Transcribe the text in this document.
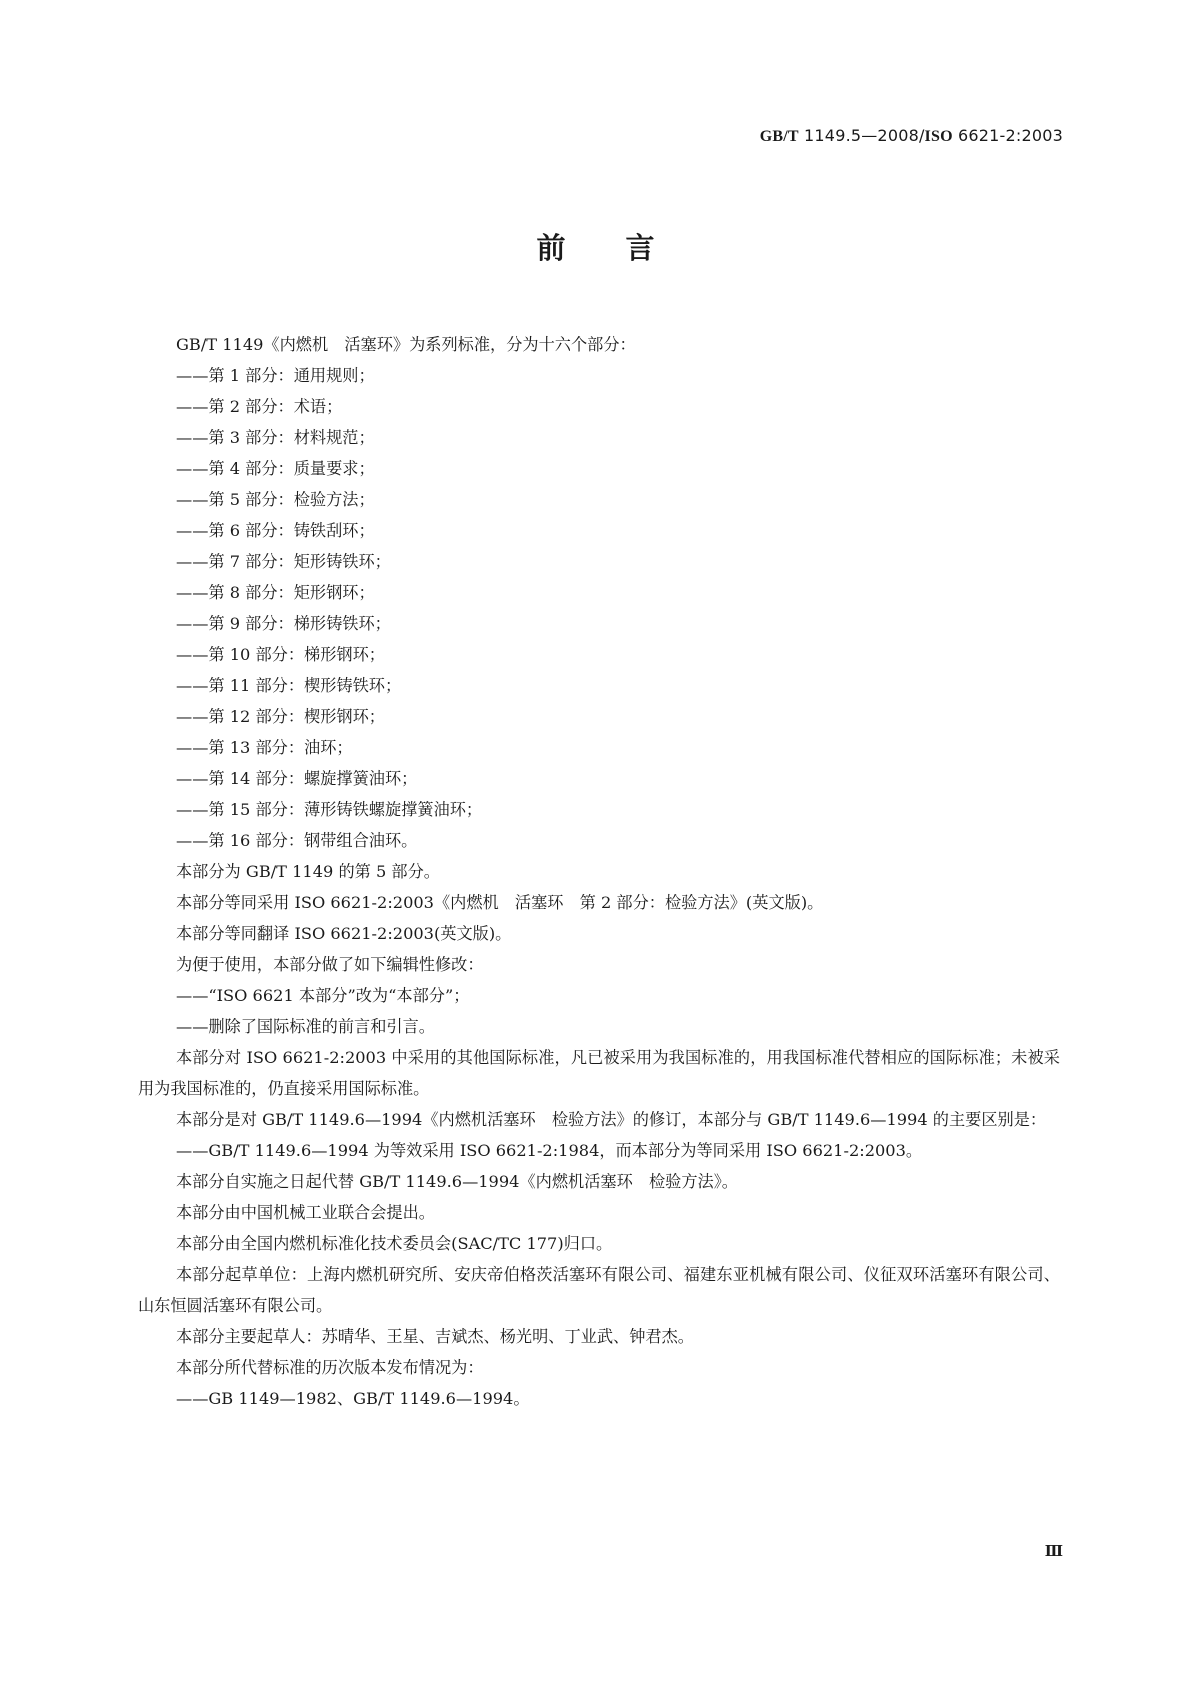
GB/T 1149.5—2008/ISO 6621-2:2003
前言

GB/T 1149《内燃机　活塞环》为系列标准，分为十六个部分：

——第 1 部分：通用规则；

——第 2 部分：术语；

——第 3 部分：材料规范；

——第 4 部分：质量要求；

——第 5 部分：检验方法；

——第 6 部分：铸铁刮环；

——第 7 部分：矩形铸铁环；

——第 8 部分：矩形钢环；

——第 9 部分：梯形铸铁环；

——第 10 部分：梯形钢环；

——第 11 部分：楔形铸铁环；

——第 12 部分：楔形钢环；

——第 13 部分：油环；

——第 14 部分：螺旋撑簧油环；

——第 15 部分：薄形铸铁螺旋撑簧油环；

——第 16 部分：钢带组合油环。

本部分为 GB/T 1149 的第 5 部分。

本部分等同采用 ISO 6621-2:2003《内燃机　活塞环　第 2 部分：检验方法》(英文版)。

本部分等同翻译 ISO 6621-2:2003(英文版)。

为便于使用，本部分做了如下编辑性修改：

——“ISO 6621 本部分”改为“本部分”；

——删除了国际标准的前言和引言。

本部分对 ISO 6621-2:2003 中采用的其他国际标准，凡已被采用为我国标准的，用我国标准代替相应的国际标准；未被采用为我国标准的，仍直接采用国际标准。

本部分是对 GB/T 1149.6—1994《内燃机活塞环　检验方法》的修订，本部分与 GB/T 1149.6—1994 的主要区别是：

——GB/T 1149.6—1994 为等效采用 ISO 6621-2:1984，而本部分为等同采用 ISO 6621-2:2003。

本部分自实施之日起代替 GB/T 1149.6—1994《内燃机活塞环　检验方法》。

本部分由中国机械工业联合会提出。

本部分由全国内燃机标准化技术委员会(SAC/TC 177)归口。

本部分起草单位：上海内燃机研究所、安庆帝伯格茨活塞环有限公司、福建东亚机械有限公司、仪征双环活塞环有限公司、山东恒圆活塞环有限公司。

本部分主要起草人：苏晴华、王星、吉斌杰、杨光明、丁业武、钟君杰。

本部分所代替标准的历次版本发布情况为：

——GB 1149—1982、GB/T 1149.6—1994。

Ⅲ
